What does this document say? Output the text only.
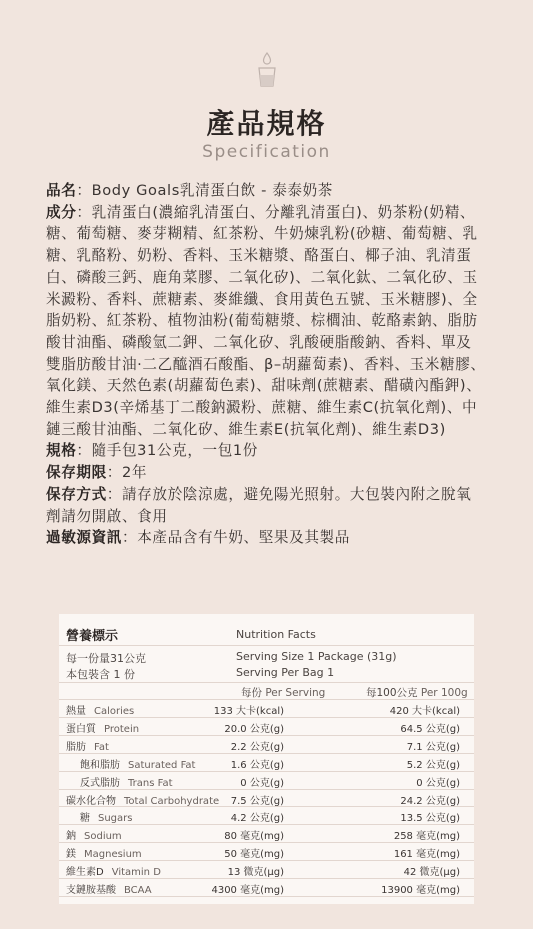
產品規格
Specification

品名：Body Goals乳清蛋白飲 - 泰泰奶茶

成分：乳清蛋白(濃縮乳清蛋白、分離乳清蛋白)、奶茶粉(奶精、糖、葡萄糖、麥芽糊精、紅茶粉、牛奶煉乳粉(砂糖、葡萄糖、乳糖、乳酪粉、奶粉、香料、玉米糖漿、酪蛋白、椰子油、乳清蛋白、磷酸三鈣、鹿角菜膠、二氧化矽)、二氧化鈦、二氧化矽、玉米澱粉、香料、蔗糖素、麥維纖、食用黃色五號、玉米糖膠)、全脂奶粉、紅茶粉、植物油粉(葡萄糖漿、棕櫚油、乾酪素鈉、脂肪酸甘油酯、磷酸氫二鉀、二氧化矽、乳酸硬脂酸鈉、香料、單及雙脂肪酸甘油·二乙醯酒石酸酯、β–胡蘿蔔素)、香料、玉米糖膠、氧化鎂、天然色素(胡蘿蔔色素)、甜味劑(蔗糖素、醋磺內酯鉀)、維生素D3(辛烯基丁二酸鈉澱粉、蔗糖、維生素C(抗氧化劑)、中鏈三酸甘油酯、二氧化矽、維生素E(抗氧化劑)、維生素D3)

規格：隨手包31公克，一包1份

保存期限：2年

保存方式：請存放於陰涼處，避免陽光照射。大包裝內附之脫氧劑請勿開啟、食用

過敏源資訊：本產品含有牛奶、堅果及其製品

營養標示	Nutrition Facts
每一份量31公克	Serving Size 1 Package (31g)
本包裝含 1 份	Serving Per Bag 1
每份 Per Serving	每100公克 Per 100g
熱量 Calories	133 大卡(kcal)	420 大卡(kcal)
蛋白質 Protein	20.0 公克(g)	64.5 公克(g)
脂肪 Fat	2.2 公克(g)	7.1 公克(g)
飽和脂肪 Saturated Fat	1.6 公克(g)	5.2 公克(g)
反式脂肪 Trans Fat	0 公克(g)	0 公克(g)
碳水化合物 Total Carbohydrate 7.5 公克(g)	24.2 公克(g)
糖 Sugars	4.2 公克(g)	13.5 公克(g)
鈉 Sodium	80 毫克(mg)	258 毫克(mg)
鎂 Magnesium	50 毫克(mg)	161 毫克(mg)
維生素D Vitamin D	13 微克(μg)	42 微克(μg)
支鏈胺基酸 BCAA	4300 毫克(mg)	13900 毫克(mg)
